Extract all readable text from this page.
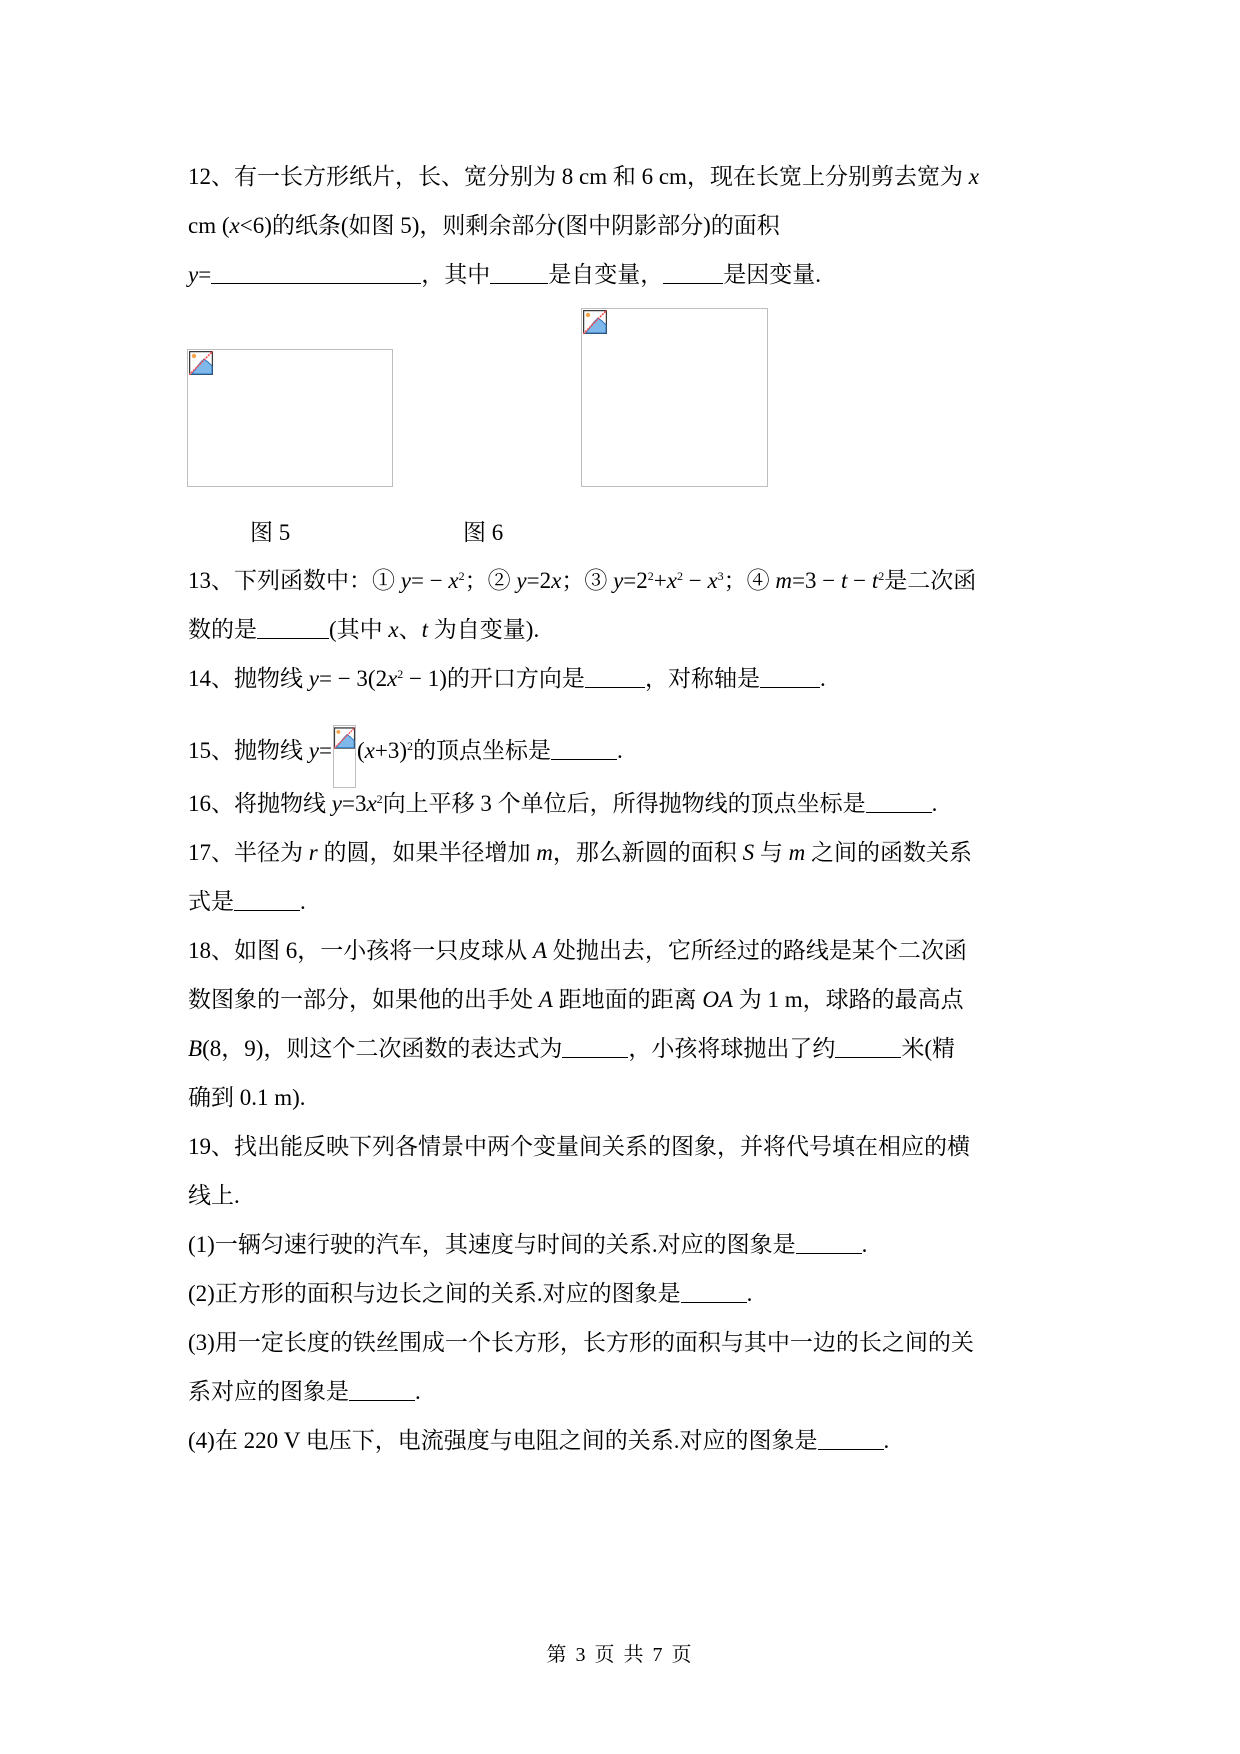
12、有一长方形纸片，长、宽分别为 8 cm 和 6 cm，现在长宽上分别剪去宽为 x
cm (x<6)的纸条(如图 5)，则剩余部分(图中阴影部分)的面积
y=	，其中	是自变量，	是因变量.
图 5	图 6
13、下列函数中：① $y= - x^2$；② y=2x；③ $y=2^2+x^2 - x^3$；④ $m=3 - t - t^2$是二次函
数的是	(其中 x、t 为自变量).
14、抛物线 $y= - 3(2x^2 - 1)$的开口方向是	，对称轴是	.
15、抛物线 $y= (x+3)^2$的顶点坐标是	.
16、将抛物线 $y=3x^2$向上平移 3 个单位后，所得抛物线的顶点坐标是	.
17、半径为 r 的圆，如果半径增加 m，那么新圆的面积 S 与 m 之间的函数关系
式是	.
18、如图 6，一小孩将一只皮球从 A 处抛出去，它所经过的路线是某个二次函
数图象的一部分，如果他的出手处 A 距地面的距离 OA 为 1 m，球路的最高点
B(8，9)，则这个二次函数的表达式为	，小孩将球抛出了约	米(精
确到 0.1 m).
19、找出能反映下列各情景中两个变量间关系的图象，并将代号填在相应的横
线上.
(1)一辆匀速行驶的汽车，其速度与时间的关系.对应的图象是	.
(2)正方形的面积与边长之间的关系.对应的图象是	.
(3)用一定长度的铁丝围成一个长方形，长方形的面积与其中一边的长之间的关
系对应的图象是	.
(4)在 220 V 电压下，电流强度与电阻之间的关系.对应的图象是	.
第 3 页 共 7 页
